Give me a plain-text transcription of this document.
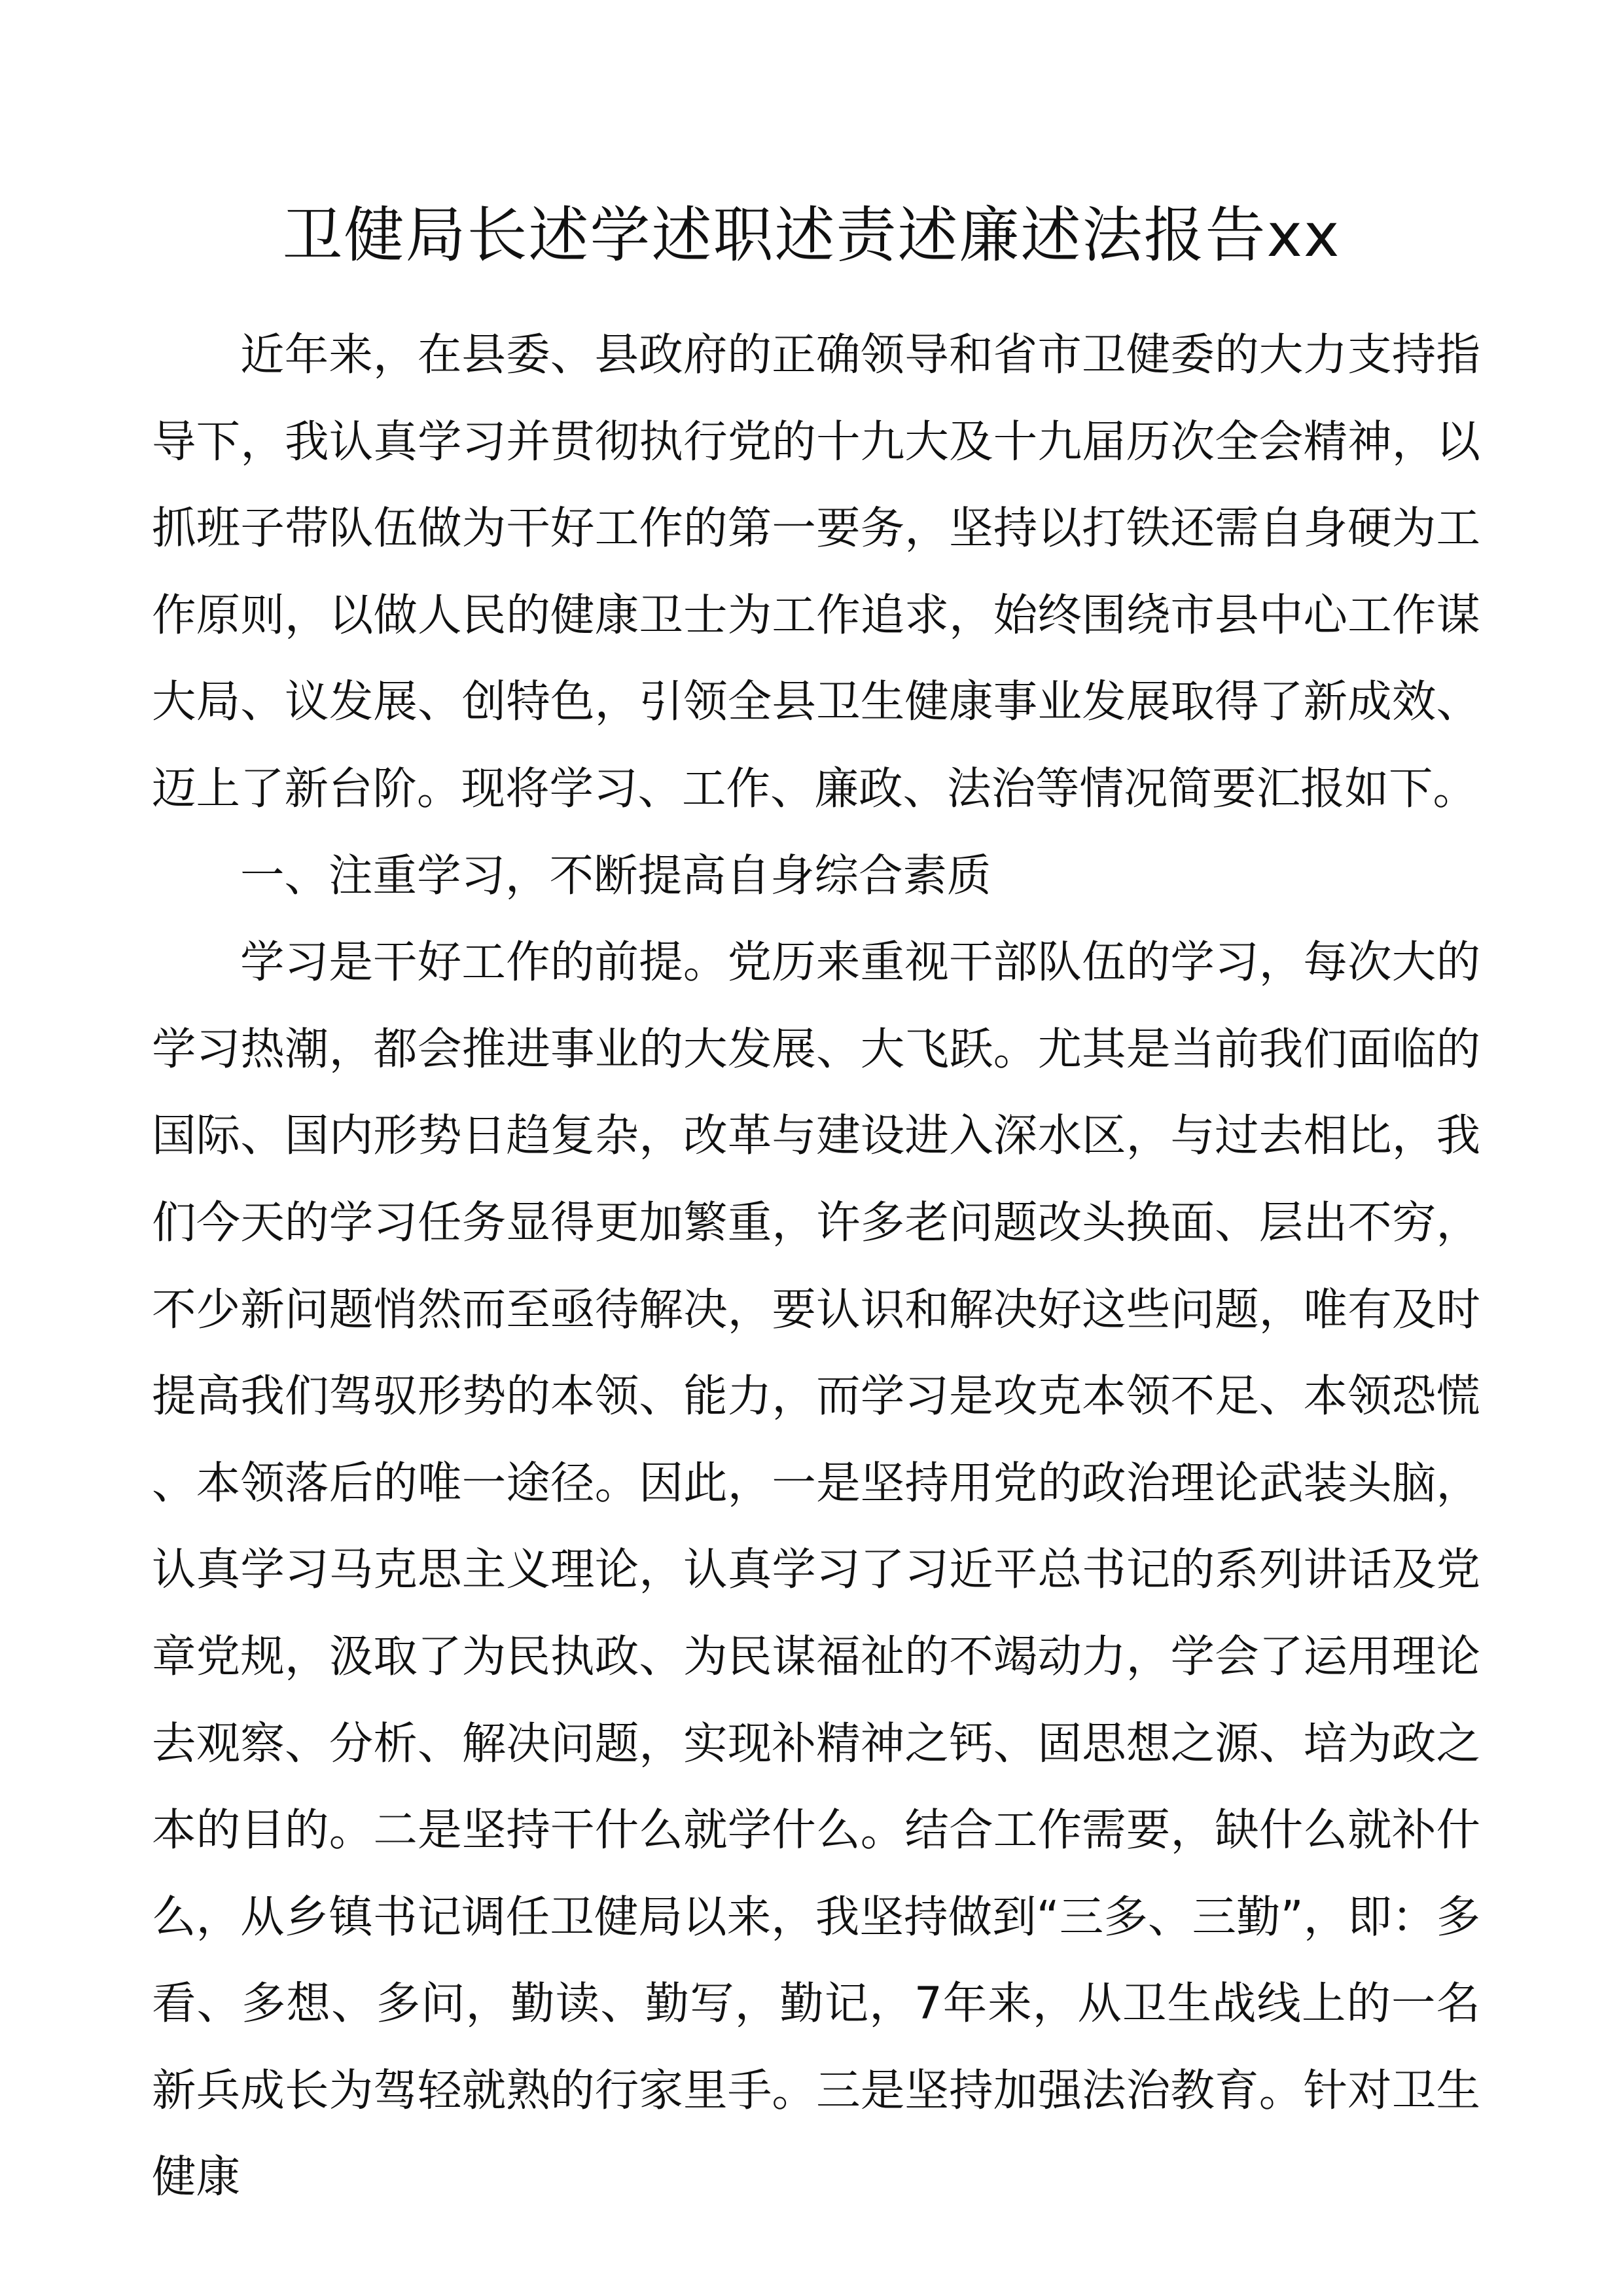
卫健局长述学述职述责述廉述法报告xx

近年来，在县委、县政府的正确领导和省市卫健委的大力支持指导下，我认真学习并贯彻执行党的十九大及十九届历次全会精神，以抓班子带队伍做为干好工作的第一要务，坚持以打铁还需自身硬为工作原则，以做人民的健康卫士为工作追求，始终围绕市县中心工作谋大局、议发展、创特色，引领全县卫生健康事业发展取得了新成效、迈上了新台阶。现将学习、工作、廉政、法治等情况简要汇报如下。

一、注重学习，不断提高自身综合素质

学习是干好工作的前提。党历来重视干部队伍的学习，每次大的学习热潮，都会推进事业的大发展、大飞跃。尤其是当前我们面临的国际、国内形势日趋复杂，改革与建设进入深水区，与过去相比，我们今天的学习任务显得更加繁重，许多老问题改头换面、层出不穷，不少新问题悄然而至亟待解决，要认识和解决好这些问题，唯有及时提高我们驾驭形势的本领、能力，而学习是攻克本领不足、本领恐慌、本领落后的唯一途径。因此，一是坚持用党的政治理论武装头脑，认真学习马克思主义理论，认真学习了习近平总书记的系列讲话及党章党规，汲取了为民执政、为民谋福祉的不竭动力，学会了运用理论去观察、分析、解决问题，实现补精神之钙、固思想之源、培为政之本的目的。二是坚持干什么就学什么。结合工作需要，缺什么就补什么，从乡镇书记调任卫健局以来，我坚持做到“三多、三勤”，即：多看、多想、多问，勤读、勤写，勤记，7年来，从卫生战线上的一名新兵成长为驾轻就熟的行家里手。三是坚持加强法治教育。针对卫生健康
